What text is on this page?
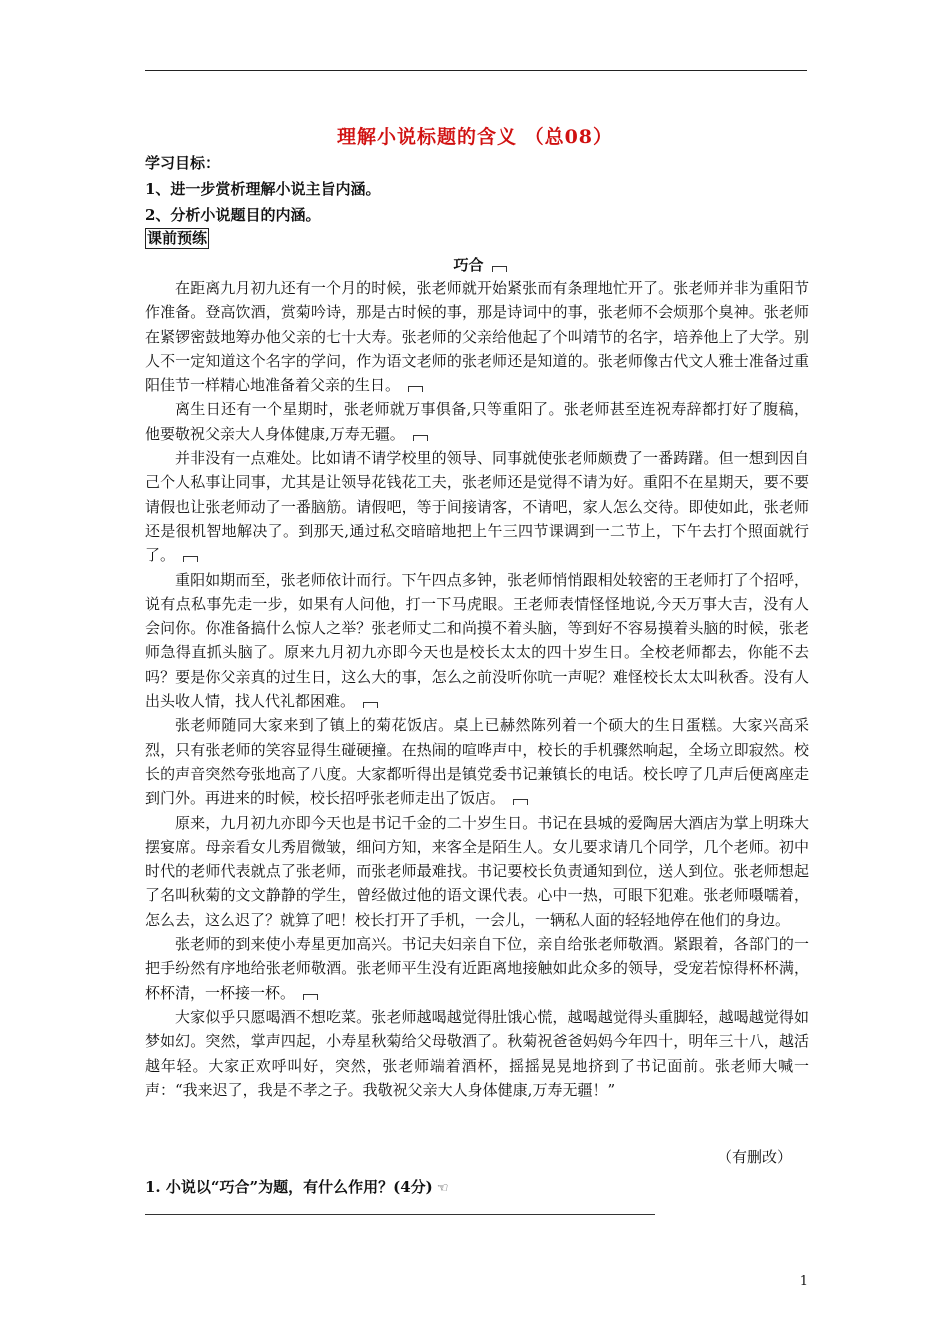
理解小说标题的含义 （总08）
学习目标：
1、进一步赏析理解小说主旨内涵。
2、分析小说题目的内涵。
课前预练
巧合

在距离九月初九还有一个月的时候，张老师就开始紧张而有条理地忙开了。张老师并非为重阳节作准备。登高饮酒，赏菊吟诗，那是古时候的事，那是诗词中的事，张老师不会烦那个臭神。张老师在紧锣密鼓地筹办他父亲的七十大寿。张老师的父亲给他起了个叫靖节的名字，培养他上了大学。别人不一定知道这个名字的学问，作为语文老师的张老师还是知道的。张老师像古代文人雅士准备过重阳佳节一样精心地准备着父亲的生日。

离生日还有一个星期时，张老师就万事俱备,只等重阳了。张老师甚至连祝寿辞都打好了腹稿，他要敬祝父亲大人身体健康,万寿无疆。

并非没有一点难处。比如请不请学校里的领导、同事就使张老师颇费了一番踌躇。但一想到因自己个人私事让同事，尤其是让领导花钱花工夫，张老师还是觉得不请为好。重阳不在星期天，要不要请假也让张老师动了一番脑筋。请假吧，等于间接请客，不请吧，家人怎么交待。即使如此，张老师还是很机智地解决了。到那天,通过私交暗暗地把上午三四节课调到一二节上，下午去打个照面就行了。

重阳如期而至，张老师依计而行。下午四点多钟，张老师悄悄跟相处较密的王老师打了个招呼，说有点私事先走一步，如果有人问他，打一下马虎眼。王老师表情怪怪地说,今天万事大吉，没有人会问你。你准备搞什么惊人之举？张老师丈二和尚摸不着头脑，等到好不容易摸着头脑的时候，张老师急得直抓头脑了。原来九月初九亦即今天也是校长太太的四十岁生日。全校老师都去，你能不去吗？要是你父亲真的过生日，这么大的事，怎么之前没听你吭一声呢？难怪校长太太叫秋香。没有人出头收人情，找人代礼都困难。

张老师随同大家来到了镇上的菊花饭店。桌上已赫然陈列着一个硕大的生日蛋糕。大家兴高采烈，只有张老师的笑容显得生碰硬撞。在热闹的喧哗声中，校长的手机骤然响起，全场立即寂然。校长的声音突然夸张地高了八度。大家都听得出是镇党委书记兼镇长的电话。校长哼了几声后便离座走到门外。再进来的时候，校长招呼张老师走出了饭店。

原来，九月初九亦即今天也是书记千金的二十岁生日。书记在县城的爱陶居大酒店为掌上明珠大摆宴席。母亲看女儿秀眉微皱，细问方知，来客全是陌生人。女儿要求请几个同学，几个老师。初中时代的老师代表就点了张老师，而张老师最难找。书记要校长负责通知到位，送人到位。张老师想起了名叫秋菊的文文静静的学生，曾经做过他的语文课代表。心中一热，可眼下犯难。张老师嗫嚅着，怎么去，这么迟了？就算了吧！校长打开了手机，一会儿，一辆私人面的轻轻地停在他们的身边。

张老师的到来使小寿星更加高兴。书记夫妇亲自下位，亲自给张老师敬酒。紧跟着，各部门的一把手纷然有序地给张老师敬酒。张老师平生没有近距离地接触如此众多的领导，受宠若惊得杯杯满，杯杯清，一杯接一杯。

大家似乎只愿喝酒不想吃菜。张老师越喝越觉得肚饿心慌，越喝越觉得头重脚轻，越喝越觉得如梦如幻。突然，掌声四起，小寿星秋菊给父母敬酒了。秋菊祝爸爸妈妈今年四十，明年三十八，越活越年轻。大家正欢呼叫好，突然，张老师端着酒杯，摇摇晃晃地挤到了书记面前。张老师大喊一声：“我来迟了，我是不孝之子。我敬祝父亲大人身体健康,万寿无疆！”

（有删改）
1. 小说以“巧合”为题，有什么作用？(4分) ☜
1
